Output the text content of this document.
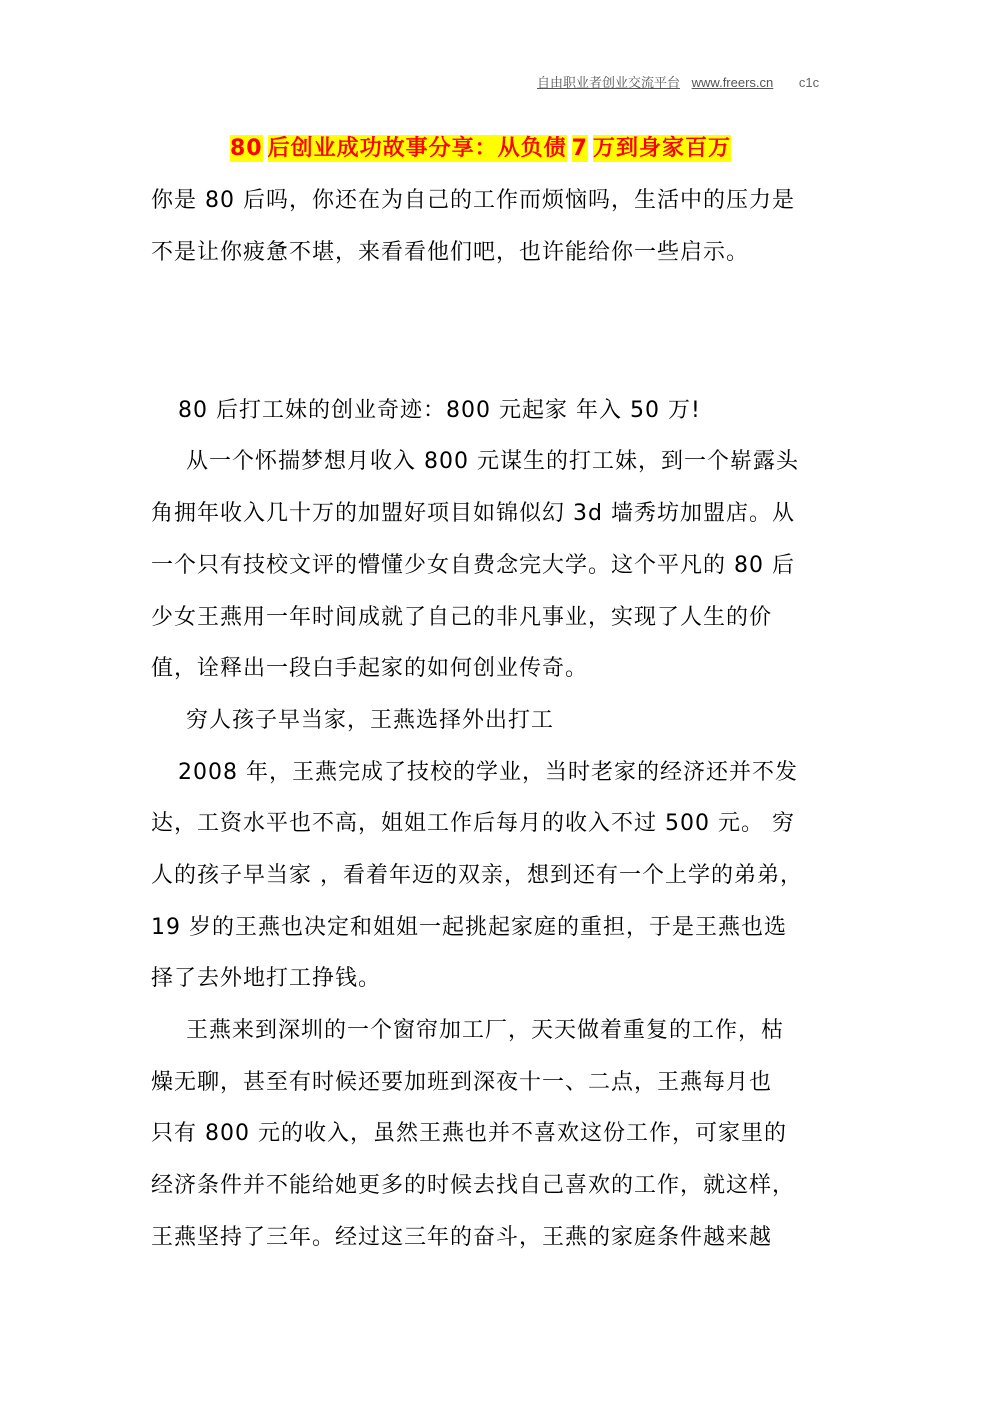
自由职业者创业交流平台 www.freers.cn c1c
80 后创业成功故事分享：从负债 7 万到身家百万
你是 80 后吗，你还在为自己的工作而烦恼吗，生活中的压力是
不是让你疲惫不堪，来看看他们吧，也许能给你一些启示。
80 后打工妹的创业奇迹：800 元起家 年入 50 万!
从一个怀揣梦想月收入 800 元谋生的打工妹，到一个崭露头
角拥年收入几十万的加盟好项目如锦似幻 3d 墙秀坊加盟店。从
一个只有技校文评的懵懂少女自费念完大学。这个平凡的 80 后
少女王燕用一年时间成就了自己的非凡事业，实现了人生的价
值，诠释出一段白手起家的如何创业传奇。
穷人孩子早当家，王燕选择外出打工
2008 年，王燕完成了技校的学业，当时老家的经济还并不发
达，工资水平也不高，姐姐工作后每月的收入不过 500 元。 穷
人的孩子早当家 ，看着年迈的双亲，想到还有一个上学的弟弟，
19 岁的王燕也决定和姐姐一起挑起家庭的重担，于是王燕也选
择了去外地打工挣钱。
王燕来到深圳的一个窗帘加工厂，天天做着重复的工作，枯
燥无聊，甚至有时候还要加班到深夜十一、二点，王燕每月也
只有 800 元的收入，虽然王燕也并不喜欢这份工作，可家里的
经济条件并不能给她更多的时候去找自己喜欢的工作，就这样，
王燕坚持了三年。经过这三年的奋斗，王燕的家庭条件越来越
